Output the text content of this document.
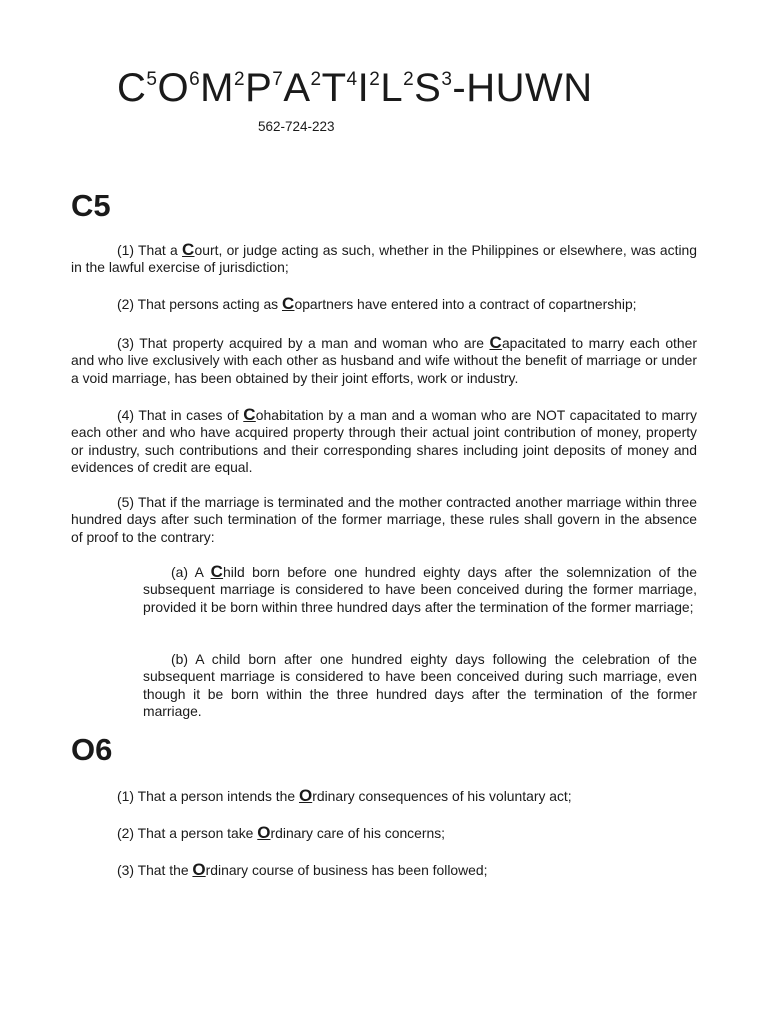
$C^5O^6M^2P^7A^2T^4I^2L^2S^3$-HUWN
562-724-223
C5

(1) That a Court, or judge acting as such, whether in the Philippines or elsewhere, was acting in the lawful exercise of jurisdiction;

(2) That persons acting as Copartners have entered into a contract of copartnership;

(3) That property acquired by a man and woman who are Capacitated to marry each other and who live exclusively with each other as husband and wife without the benefit of marriage or under a void marriage, has been obtained by their joint efforts, work or industry.

(4) That in cases of Cohabitation by a man and a woman who are NOT capacitated to marry each other and who have acquired property through their actual joint contribution of money, property or industry, such contributions and their corresponding shares including joint deposits of money and evidences of credit are equal.

(5) That if the marriage is terminated and the mother contracted another marriage within three hundred days after such termination of the former marriage, these rules shall govern in the absence of proof to the contrary:

(a) A Child born before one hundred eighty days after the solemnization of the subsequent marriage is considered to have been conceived during the former marriage, provided it be born within three hundred days after the termination of the former marriage;

(b) A child born after one hundred eighty days following the celebration of the subsequent marriage is considered to have been conceived during such marriage, even though it be born within the three hundred days after the termination of the former marriage.

O6
(1) That a person intends the Ordinary consequences of his voluntary act;
(2) That a person take Ordinary care of his concerns;
(3) That the Ordinary course of business has been followed;
